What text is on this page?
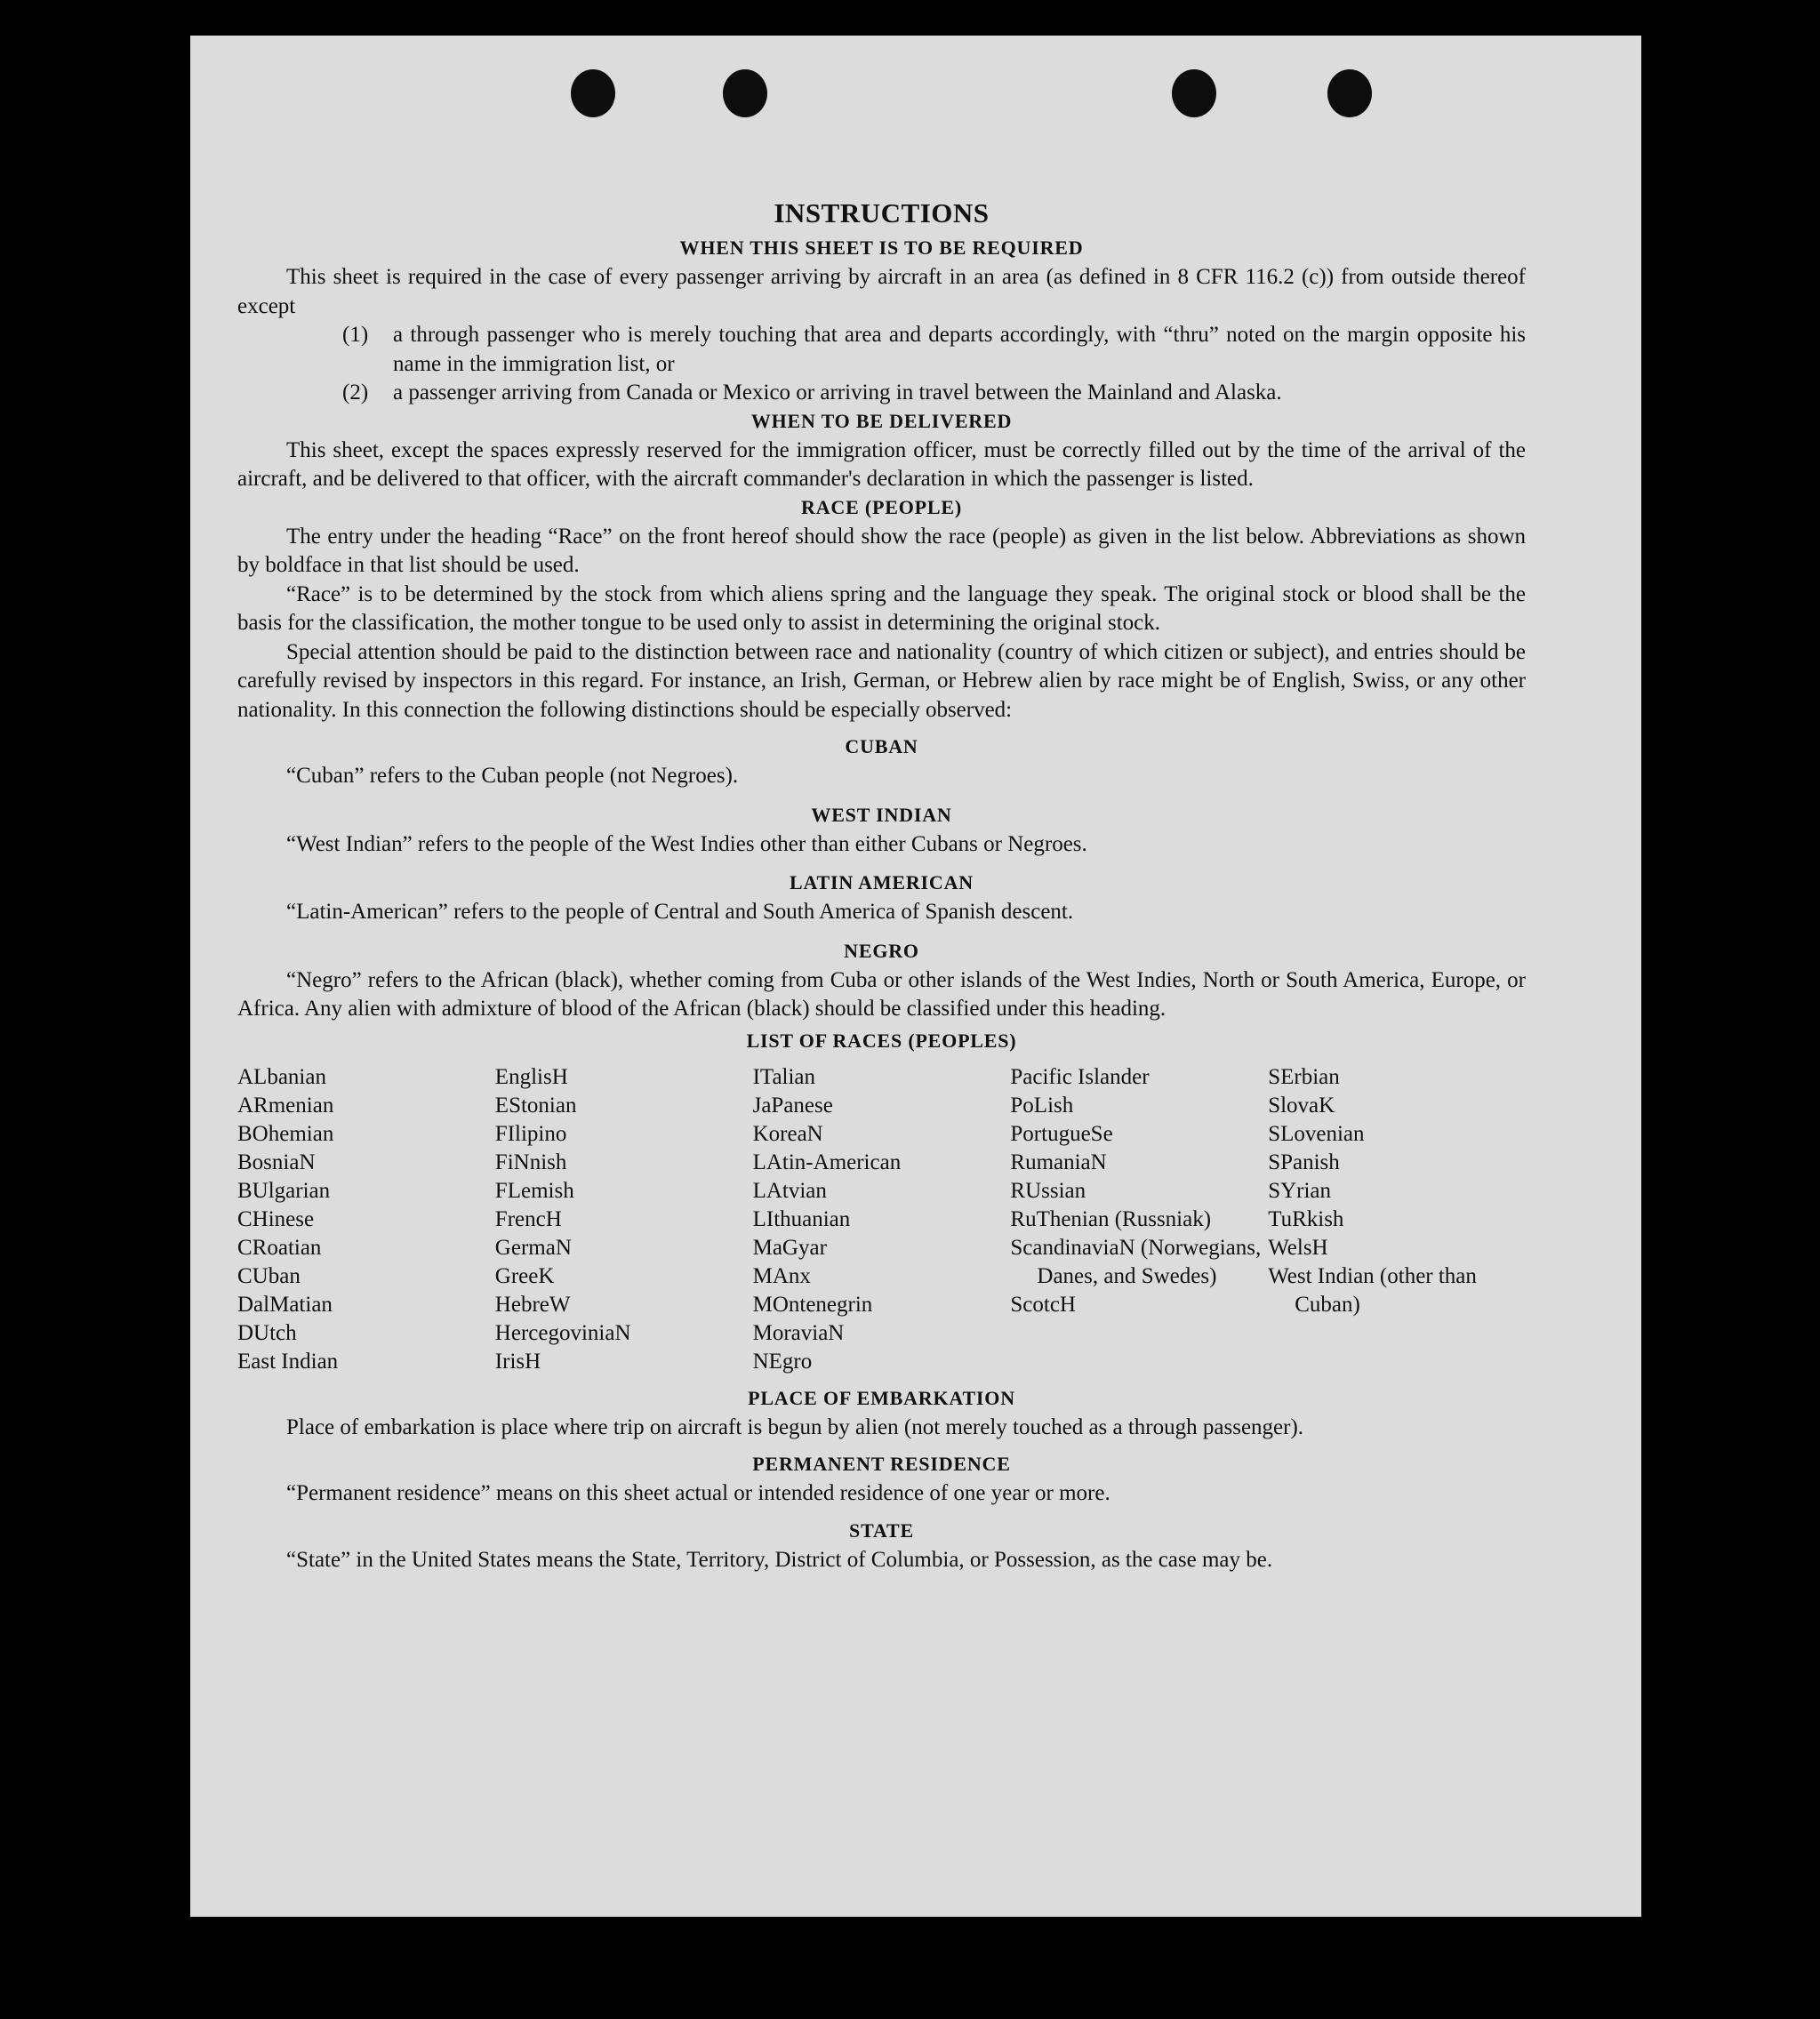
INSTRUCTIONS
WHEN THIS SHEET IS TO BE REQUIRED

This sheet is required in the case of every passenger arriving by aircraft in an area (as defined in 8 CFR 116.2 (c)) from outside thereof except

(1)	a through passenger who is merely touching that area and departs accordingly, with “thru” noted on the margin opposite his name in the immigration list, or
(2)	a passenger arriving from Canada or Mexico or arriving in travel between the Mainland and Alaska.
WHEN TO BE DELIVERED

This sheet, except the spaces expressly reserved for the immigration officer, must be correctly filled out by the time of the arrival of the aircraft, and be delivered to that officer, with the aircraft commander's declaration in which the passenger is listed.

RACE (PEOPLE)

The entry under the heading “Race” on the front hereof should show the race (people) as given in the list below. Abbreviations as shown by boldface in that list should be used.

“Race” is to be determined by the stock from which aliens spring and the language they speak. The original stock or blood shall be the basis for the classification, the mother tongue to be used only to assist in determining the original stock.

Special attention should be paid to the distinction between race and nationality (country of which citizen or subject), and entries should be carefully revised by inspectors in this regard. For instance, an Irish, German, or Hebrew alien by race might be of English, Swiss, or any other nationality. In this connection the following distinctions should be especially observed:

CUBAN

“Cuban” refers to the Cuban people (not Negroes).

WEST INDIAN

“West Indian” refers to the people of the West Indies other than either Cubans or Negroes.

LATIN AMERICAN

“Latin-American” refers to the people of Central and South America of Spanish descent.

NEGRO

“Negro” refers to the African (black), whether coming from Cuba or other islands of the West Indies, North or South America, Europe, or Africa. Any alien with admixture of blood of the African (black) should be classified under this heading.

LIST OF RACES (PEOPLES)
ALbanian
ARmenian
BOhemian
BosniaN
BUlgarian
CHinese
CRoatian
CUban
DalMatian
DUtch
East Indian
EnglisH
EStonian
FIlipino
FiNnish
FLemish
FrencH
GermaN
GreeK
HebreW
HercegoviniaN
IrisH
ITalian
JaPanese
KoreaN
LAtin-American
LAtvian
LIthuanian
MaGyar
MAnx
MOntenegrin
MoraviaN
NEgro
Pacific Islander
PoLish
PortugueSe
RumaniaN
RUssian
RuThenian (Russniak)
ScandinaviaN (Norwegians, Danes, and Swedes)
ScotcH
SErbian
SlovaK
SLovenian
SPanish
SYrian
TuRkish
WelsH
West Indian (other than Cuban)
PLACE OF EMBARKATION

Place of embarkation is place where trip on aircraft is begun by alien (not merely touched as a through passenger).

PERMANENT RESIDENCE

“Permanent residence” means on this sheet actual or intended residence of one year or more.

STATE

“State” in the United States means the State, Territory, District of Columbia, or Possession, as the case may be.
